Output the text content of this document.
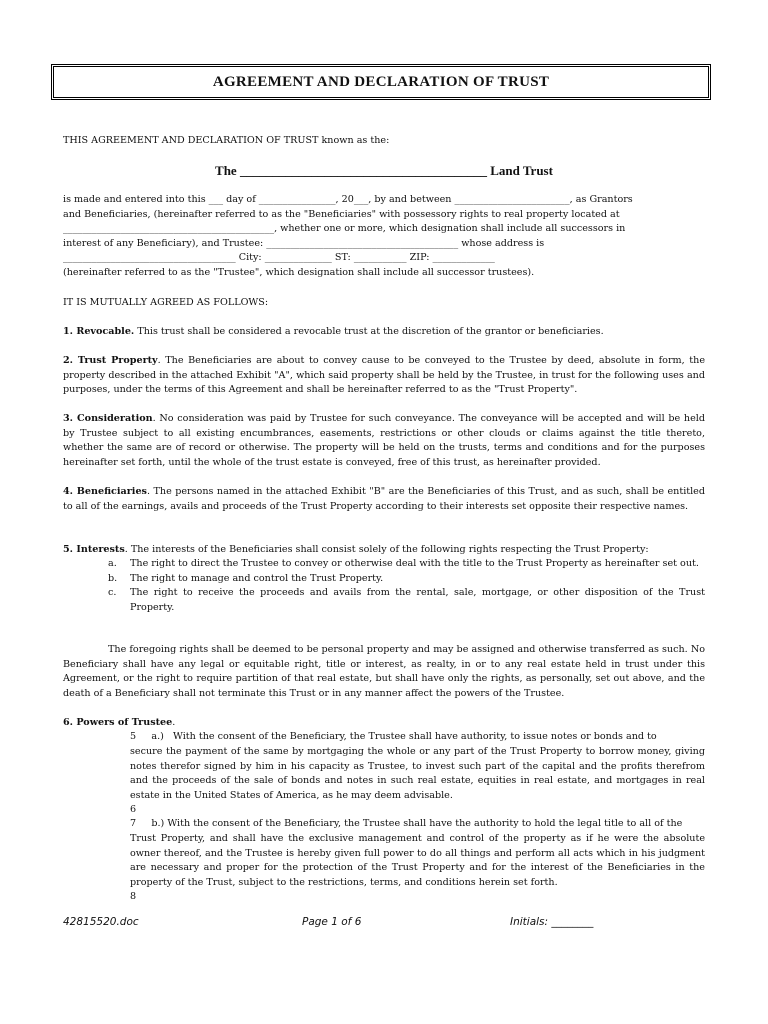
AGREEMENT AND DECLARATION OF TRUST
THIS AGREEMENT AND DECLARATION OF TRUST known as the:
The ______________________________________ Land Trust
is made and entered into this ___ day of ________________, 20___, by and between ________________________, as Grantors
and Beneficiaries, (hereinafter referred to as the "Beneficiaries" with possessory rights to real property located at
____________________________________________, whether one or more, which designation shall include all successors in
interest of any Beneficiary), and Trustee: ________________________________________ whose address is
____________________________________ City: ______________ ST: ___________ ZIP: _____________
(hereinafter referred to as the "Trustee", which designation shall include all successor trustees).
IT IS MUTUALLY AGREED AS FOLLOWS:
1. Revocable. This trust shall be considered a revocable trust at the discretion of the grantor or beneficiaries.
2. Trust Property. The Beneficiaries are about to convey cause to be conveyed to the Trustee by deed, absolute in form, the property described in the attached Exhibit "A", which said property shall be held by the Trustee, in trust for the following uses and purposes, under the terms of this Agreement and shall be hereinafter referred to as the "Trust Property".
3. Consideration. No consideration was paid by Trustee for such conveyance. The conveyance will be accepted and will be held by Trustee subject to all existing encumbrances, easements, restrictions or other clouds or claims against the title thereto, whether the same are of record or otherwise. The property will be held on the trusts, terms and conditions and for the purposes hereinafter set forth, until the whole of the trust estate is conveyed, free of this trust, as hereinafter provided.
4. Beneficiaries. The persons named in the attached Exhibit "B" are the Beneficiaries of this Trust, and as such, shall be entitled to all of the earnings, avails and proceeds of the Trust Property according to their interests set opposite their respective names.
5. Interests. The interests of the Beneficiaries shall consist solely of the following rights respecting the Trust Property:
a.	The right to direct the Trustee to convey or otherwise deal with the title to the Trust Property as hereinafter set out.
b.	The right to manage and control the Trust Property.
c.	The right to receive the proceeds and avails from the rental, sale, mortgage, or other disposition of the Trust Property.
The foregoing rights shall be deemed to be personal property and may be assigned and otherwise transferred as such. No Beneficiary shall have any legal or equitable right, title or interest, as realty, in or to any real estate held in trust under this Agreement, or the right to require partition of that real estate, but shall have only the rights, as personally, set out above, and the death of a Beneficiary shall not terminate this Trust or in any manner affect the powers of the Trustee.
6. Powers of Trustee.
5 a.) With the consent of the Beneficiary, the Trustee shall have authority, to issue notes or bonds and to
secure the payment of the same by mortgaging the whole or any part of the Trust Property to borrow money, giving notes therefor signed by him in his capacity as Trustee, to invest such part of the capital and the profits therefrom and the proceeds of the sale of bonds and notes in such real estate, equities in real estate, and mortgages in real estate in the United States of America, as he may deem advisable.
6
7 b.) With the consent of the Beneficiary, the Trustee shall have the authority to hold the legal title to all of the
Trust Property, and shall have the exclusive management and control of the property as if he were the absolute owner thereof, and the Trustee is hereby given full power to do all things and perform all acts which in his judgment are necessary and proper for the protection of the Trust Property and for the interest of the Beneficiaries in the property of the Trust, subject to the restrictions, terms, and conditions herein set forth.
8
42815520.doc	Page 1 of 6	Initials: ________
